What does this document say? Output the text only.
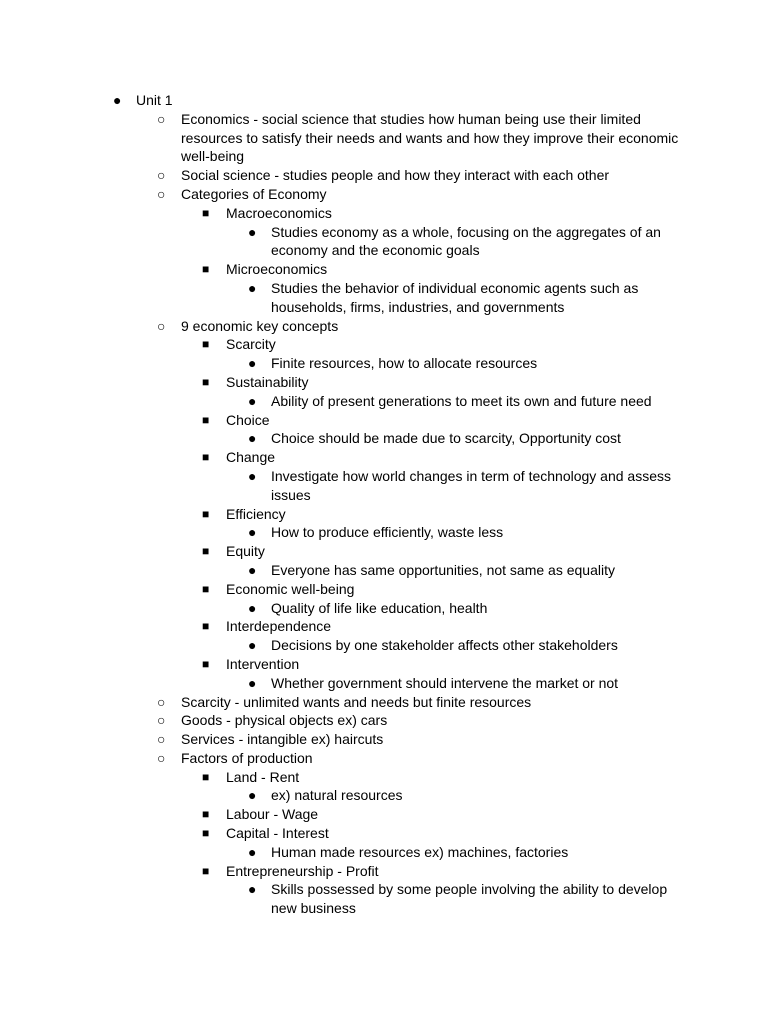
● Unit 1
○ Economics - social science that studies how human being use their limited resources to satisfy their needs and wants and how they improve their economic well-being
○ Social science - studies people and how they interact with each other
○ Categories of Economy
■ Macroeconomics
● Studies economy as a whole, focusing on the aggregates of an economy and the economic goals
■ Microeconomics
● Studies the behavior of individual economic agents such as households, firms, industries, and governments
○ 9 economic key concepts
■ Scarcity
● Finite resources, how to allocate resources
■ Sustainability
● Ability of present generations to meet its own and future need
■ Choice
● Choice should be made due to scarcity, Opportunity cost
■ Change
● Investigate how world changes in term of technology and assess issues
■ Efficiency
● How to produce efficiently, waste less
■ Equity
● Everyone has same opportunities, not same as equality
■ Economic well-being
● Quality of life like education, health
■ Interdependence
● Decisions by one stakeholder affects other stakeholders
■ Intervention
● Whether government should intervene the market or not
○ Scarcity - unlimited wants and needs but finite resources
○ Goods - physical objects ex) cars
○ Services - intangible ex) haircuts
○ Factors of production
■ Land - Rent
● ex) natural resources
■ Labour - Wage
■ Capital - Interest
● Human made resources ex) machines, factories
■ Entrepreneurship - Profit
● Skills possessed by some people involving the ability to develop new business
